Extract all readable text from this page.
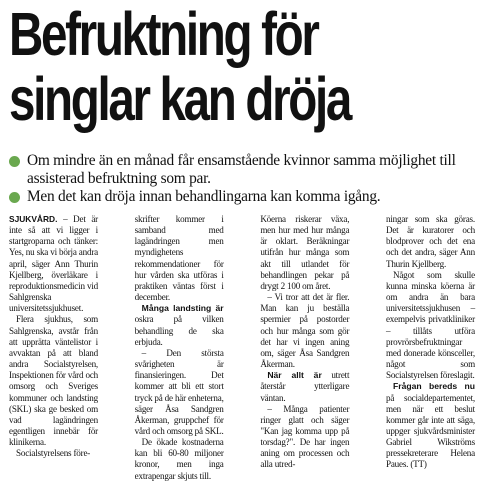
Befruktning för
singlar kan dröja
Om mindre än en månad får ensamstående kvinnor samma möjlighet till assisterad befruktning som par.
Men det kan dröja innan behandlingarna kan komma igång.

SJUKVÅRD. – Det är inte så att vi ligger i startgroparna och tänker: Yes, nu ska vi börja andra april, säger Ann Thurin Kjellberg, överläkare i reproduktionsmedicin vid Sahlgrenska universitetssjukhuset.

Flera sjukhus, som Sahlgrenska, avstår från att upprätta väntelistor i avvaktan på att bland andra Socialstyrelsen, Inspektionen för vård och omsorg och Sveriges kommuner och landsting (SKL) ska ge besked om vad lagändringen egentligen innebär för klinikerna.

Socialstyrelsens före-

skrifter kommer i samband med lagändringen men myndighetens rekommendationer för hur vården ska utföras i praktiken väntas först i december.

Många landsting är oskra på vilken behandling de ska erbjuda.

– Den största svårigheten är finansieringen. Det kommer att bli ett stort tryck på de här enheterna, säger Åsa Sandgren Åkerman, gruppchef för vård och omsorg på SKL.

De ökade kostnaderna kan bli 60-80 miljoner kronor, men inga extrapengar skjuts till.

Köerna riskerar växa, men hur med hur många är oklart. Beräkningar utifrån hur många som akt till utlandet för behandlingen pekar på drygt 2 100 om året.

– Vi tror att det är fler. Man kan ju beställa spermier på postorder och hur många som gör det har vi ingen aning om, säger Åsa Sandgren Åkerman.

När allt är utrett återstår ytterligare väntan.

– Många patienter ringer glatt och säger "Kan jag komma upp på torsdag?". De har ingen aning om processen och alla utred-

ningar som ska göras. Det är kuratorer och blodprover och det ena och det andra, säger Ann Thurin Kjellberg.

Något som skulle kunna minska köerna är om andra än bara universitetssjukhusen – exempelvis privatkliniker – tillåts utföra provrörsbefruktningar med donerade könsceller, något som Socialstyrelsen föreslagit.

Frågan bereds nu på socialdepartementet, men när ett beslut kommer går inte att säga, uppger sjukvårdsminister Gabriel Wikströms pressekreterare Helena Paues. (TT)
